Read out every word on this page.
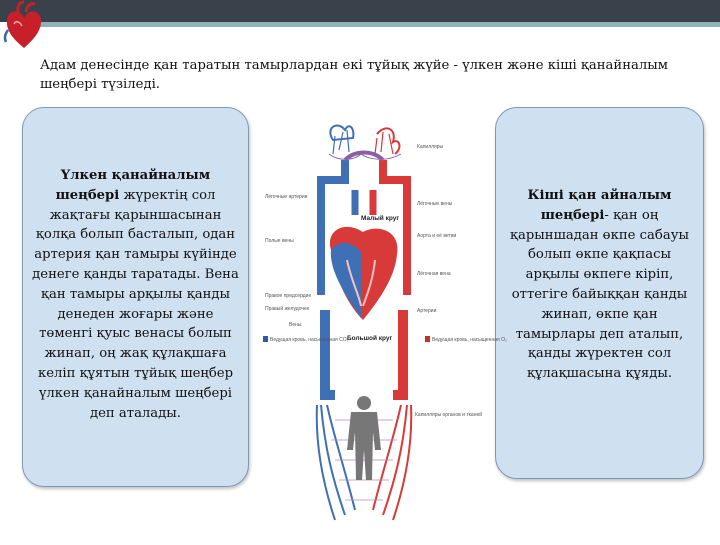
Адам денесінде қан таратын тамырлардан екі тұйық жүйе - үлкен және кіші қанайналым шеңбері түзіледі.
Үлкен қанайналым шеңбері жүректің сол жақтағы қарыншасынан қолқа болып басталып, одан артерия қан тамыры күйінде денеге қанды таратады. Вена қан тамыры арқылы қанды денеден жоғары және төменгі қуыс венасы болып жинап, оң жақ құлақшаға келіп құятын тұйық шеңбер үлкен қанайналым шеңбері деп аталады.
Кіші қан айналым шеңбері- қан оң қарыншадан өкпе сабауы болып өкпе қақпасы арқылы өкпеге кіріп, оттегіге байыққан қанды жинап, өкпе қан тамырлары деп аталып, қанды жүректен сол құлақшасына құяды.
Малый круг
Большой круг
Капилляры
Лёгочные вены
Аорта и её ветви
Лёгочная вена
Артерии
Лёгочные артерии
Полые вены
Правое предсердие
Правый желудочек
Вены
Ведущая кровь, насыщенная CO₂	Ведущая кровь, насыщенная O₂
Капилляры органов и тканей
